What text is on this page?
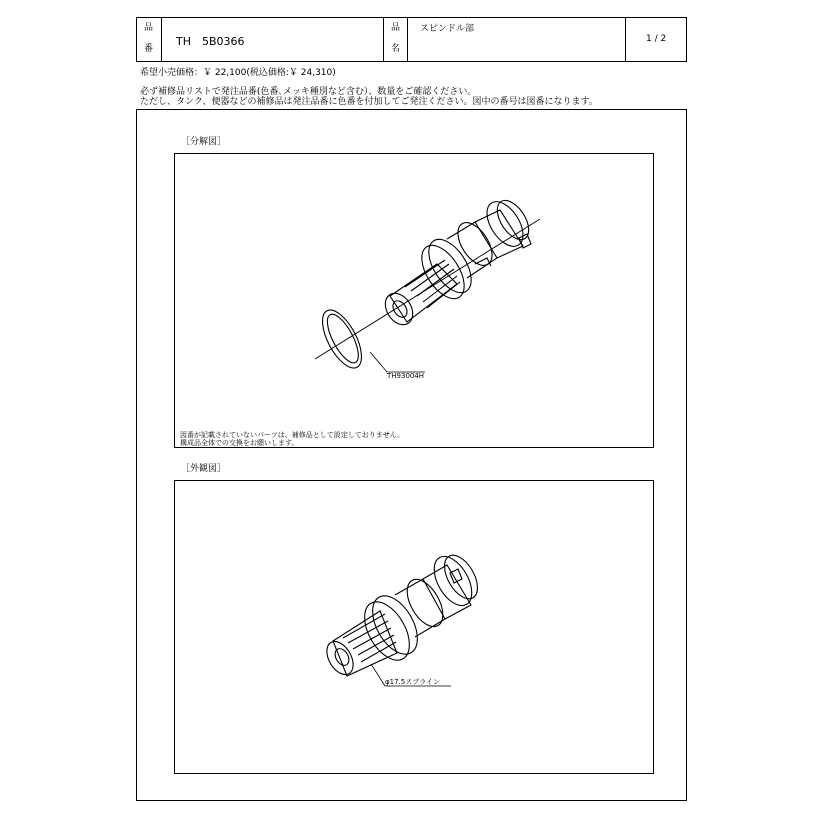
品
番
TH　5B0366
品
名
スピンドル部
1 / 2
希望小売価格：￥ 22,100(税込価格:￥ 24,310)
必ず補修品リストで発注品番(色番､メッキ種別など含む）、数量をご確認ください。
ただし、タンク、便器などの補修品は発注品番に色番を付加してご発注ください。図中の番号は図番になります。
［分解図］
TH93004H
図番が記載されていないパーツは、補修品として設定しておりません。
構成品全体での交換をお願いします。
［外観図］
φ17.5スプライン
